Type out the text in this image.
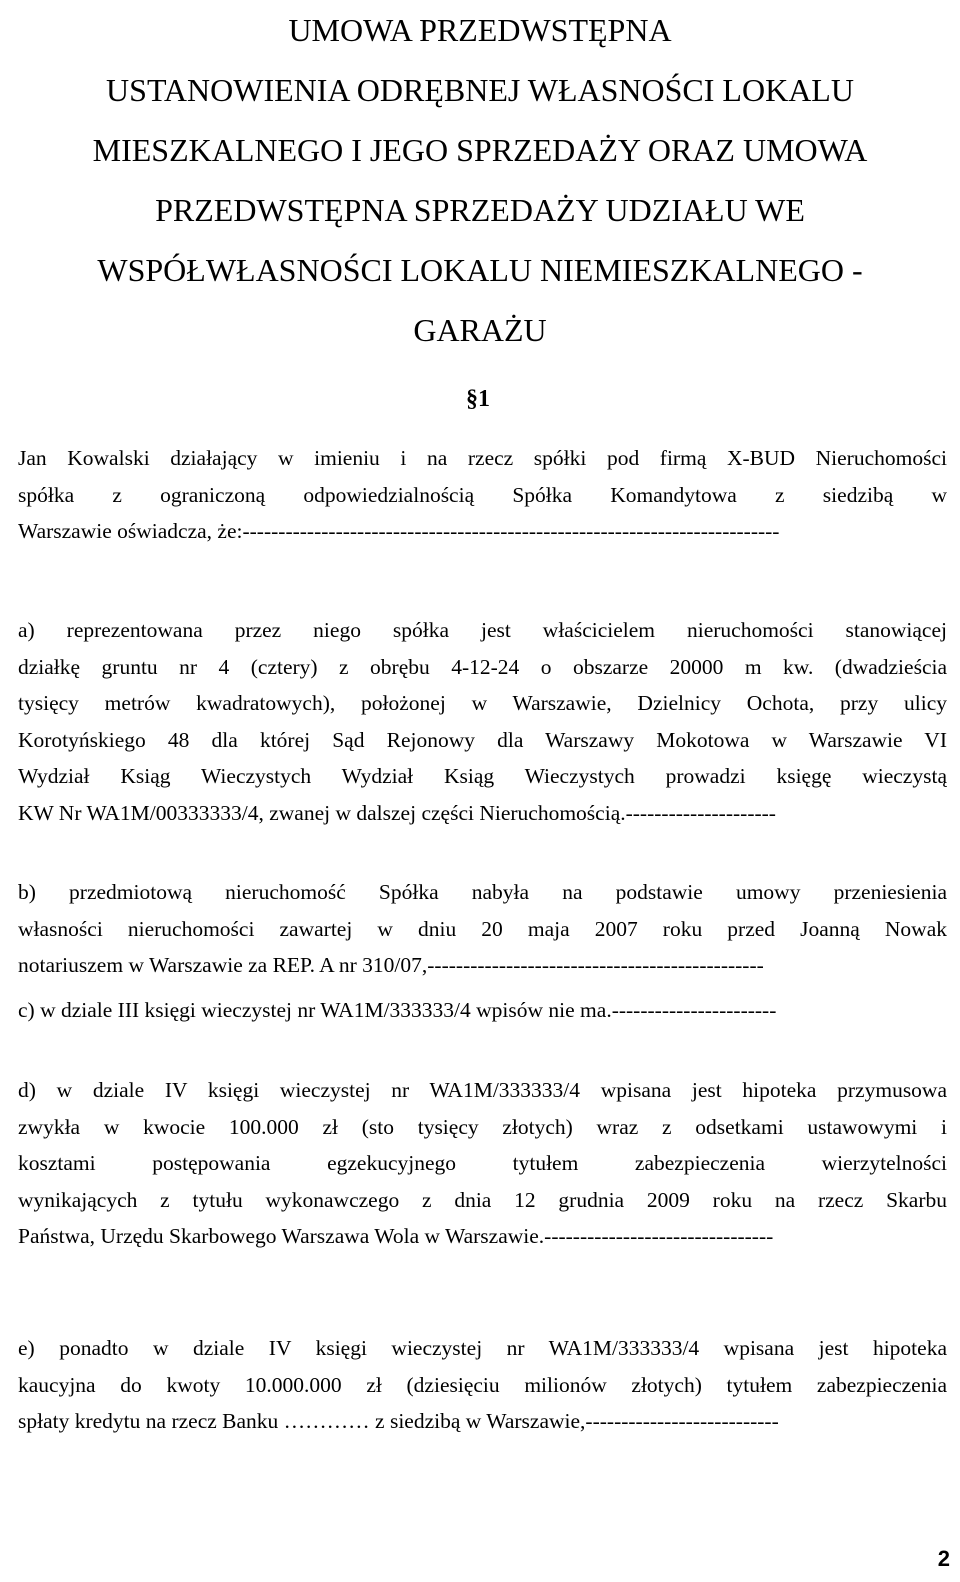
UMOWA PRZEDWSTĘPNA
USTANOWIENIA ODRĘBNEJ WŁASNOŚCI LOKALU
MIESZKALNEGO I JEGO SPRZEDAŻY ORAZ UMOWA
PRZEDWSTĘPNA SPRZEDAŻY UDZIAŁU WE
WSPÓŁWŁASNOŚCI LOKALU NIEMIESZKALNEGO -
GARAŻU
§1
Jan Kowalski działający w imieniu i na rzecz spółki pod firmą X-BUD Nieruchomości
spółka z ograniczoną odpowiedzialnością Spółka Komandytowa z siedzibą w
Warszawie oświadcza, że:---------------------------------------------------------------------------
a) reprezentowana przez niego spółka jest właścicielem nieruchomości stanowiącej
działkę gruntu nr 4 (cztery) z obrębu 4-12-24 o obszarze 20000 m kw. (dwadzieścia
tysięcy metrów kwadratowych), położonej w Warszawie, Dzielnicy Ochota, przy ulicy
Korotyńskiego 48 dla której Sąd Rejonowy dla Warszawy Mokotowa w Warszawie VI
Wydział Ksiąg Wieczystych Wydział Ksiąg Wieczystych prowadzi księgę wieczystą
KW Nr WA1M/00333333/4, zwanej w dalszej części Nieruchomością.---------------------
b) przedmiotową nieruchomość Spółka nabyła na podstawie umowy przeniesienia
własności nieruchomości zawartej w dniu 20 maja 2007 roku przed Joanną Nowak
notariuszem w Warszawie za REP. A nr 310/07,-----------------------------------------------
c) w dziale III księgi wieczystej nr WA1M/333333/4 wpisów nie ma.-----------------------
d) w dziale IV księgi wieczystej nr WA1M/333333/4 wpisana jest hipoteka przymusowa
zwykła w kwocie 100.000 zł (sto tysięcy złotych) wraz z odsetkami ustawowymi i
kosztami postępowania egzekucyjnego tytułem zabezpieczenia wierzytelności
wynikających z tytułu wykonawczego z dnia 12 grudnia 2009 roku na rzecz Skarbu
Państwa, Urzędu Skarbowego Warszawa Wola w Warszawie.--------------------------------
e) ponadto w dziale IV księgi wieczystej nr WA1M/333333/4 wpisana jest hipoteka
kaucyjna do kwoty 10.000.000 zł (dziesięciu milionów złotych) tytułem zabezpieczenia
spłaty kredytu na rzecz Banku ………… z siedzibą w Warszawie,---------------------------
2
